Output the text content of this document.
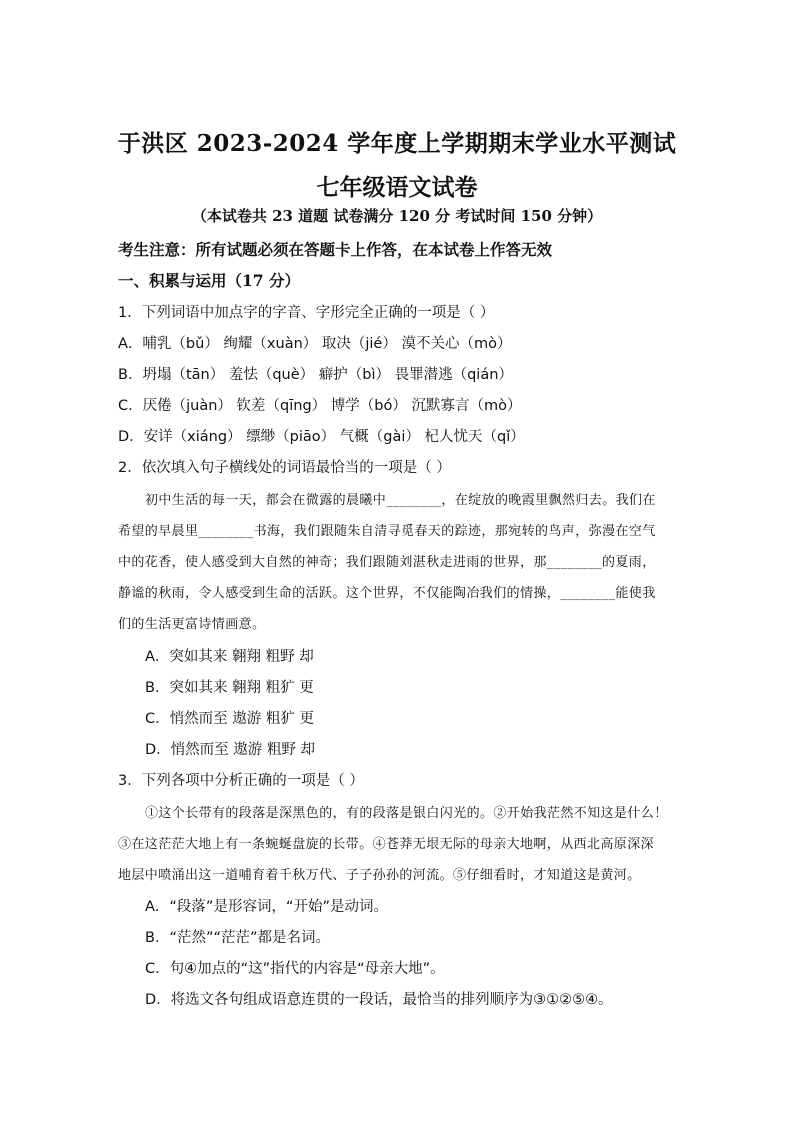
于洪区 2023-2024 学年度上学期期末学业水平测试
七年级语文试卷
（本试卷共 23 道题 试卷满分 120 分 考试时间 150 分钟）
考生注意：所有试题必须在答题卡上作答，在本试卷上作答无效
一、积累与运用（17 分）
1．下列词语中加点字的字音、字形完全正确的一项是（ ）
A．哺乳（bǔ） 绚耀（xuàn） 取决（jié） 漠不关心（mò）
B．坍塌（tān） 羞怯（què） 癖护（bì） 畏罪潜逃（qián）
C．厌倦（juàn） 钦差（qīng） 博学（bó） 沉默寡言（mò）
D．安详（xiáng） 缥缈（piāo） 气概（gài） 杞人忧天（qǐ）
2．依次填入句子横线处的词语最恰当的一项是（ ）
初中生活的每一天，都会在微露的晨曦中________，在绽放的晚霞里飘然归去。我们在
希望的早晨里________书海，我们跟随朱自清寻觅春天的踪迹，那宛转的鸟声，弥漫在空气
中的花香，使人感受到大自然的神奇；我们跟随刘湛秋走进雨的世界，那________的夏雨，
静谧的秋雨，令人感受到生命的活跃。这个世界，不仅能陶冶我们的情操，________能使我
们的生活更富诗情画意。
A．突如其来 翱翔 粗野 却
B．突如其来 翱翔 粗犷 更
C．悄然而至 遨游 粗犷 更
D．悄然而至 遨游 粗野 却
3．下列各项中分析正确的一项是（ ）
①这个长带有的段落是深黑色的，有的段落是银白闪光的。②开始我茫然不知这是什么！
③在这茫茫大地上有一条蜿蜒盘旋的长带。④苍莽无垠无际的母亲大地啊，从西北高原深深
地层中喷涌出这一道哺育着千秋万代、子子孙孙的河流。⑤仔细看时，才知道这是黄河。
A．“段落”是形容词，“开始”是动词。
B．“茫然”“茫茫”都是名词。
C．句④加点的“这”指代的内容是“母亲大地”。
D．将选文各句组成语意连贯的一段话，最恰当的排列顺序为③①②⑤④。
